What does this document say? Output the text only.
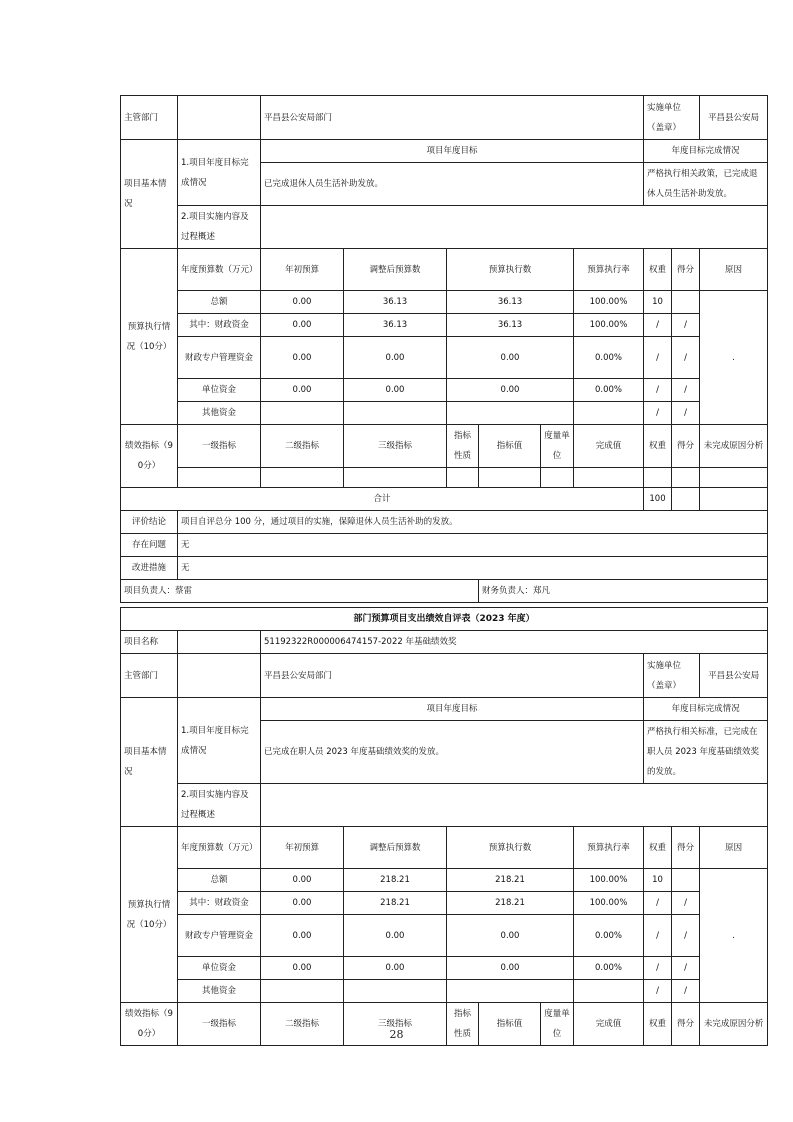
主管部门		平昌县公安局部门						实施单位（盖章）		平昌县公安局
项目基本情况	1.项目年度目标完成情况	项目年度目标						年度目标完成情况		
		已完成退休人员生活补助发放。						严格执行相关政策，已完成退休人员生活补助发放。		
	2.项目实施内容及过程概述									
预算执行情况（10分）	年度预算数（万元）	年初预算	调整后预算数	预算执行数			预算执行率	权重	得分	原因
	总额	0.00	36.13	36.13			100.00%	10		.
	其中：财政资金	0.00	36.13	36.13			100.00%	/	/	
	财政专户管理资金	0.00	0.00	0.00			0.00%	/	/	
	单位资金	0.00	0.00	0.00			0.00%	/	/	
	其他资金							/	/	
绩效指标（90分）	一级指标	二级指标	三级指标	指标性质	指标值	度量单位	完成值	权重	得分	未完成原因分析

合计								100		
评价结论	项目自评总分 100 分，通过项目的实施，保障退休人员生活补助的发放。									
存在问题	无									
改进措施	无									
项目负责人：蔡雷					财务负责人：郑凡					
部门预算项目支出绩效自评表（2023 年度）										
项目名称		51192322R000006474157-2022 年基础绩效奖								
主管部门		平昌县公安局部门						实施单位（盖章）		平昌县公安局
项目基本情况	1.项目年度目标完成情况	项目年度目标						年度目标完成情况		
		已完成在职人员 2023 年度基础绩效奖的发放。						严格执行相关标准，已完成在职人员 2023 年度基础绩效奖的发放。		
	2.项目实施内容及过程概述									
预算执行情况（10分）	年度预算数（万元）	年初预算	调整后预算数	预算执行数			预算执行率	权重	得分	原因
	总额	0.00	218.21	218.21			100.00%	10		.
	其中：财政资金	0.00	218.21	218.21			100.00%	/	/	
	财政专户管理资金	0.00	0.00	0.00			0.00%	/	/	
	单位资金	0.00	0.00	0.00			0.00%	/	/	
	其他资金							/	/	
绩效指标（90分）	一级指标	二级指标	三级指标	指标性质	指标值	度量单位	完成值	权重	得分	未完成原因分析
28
